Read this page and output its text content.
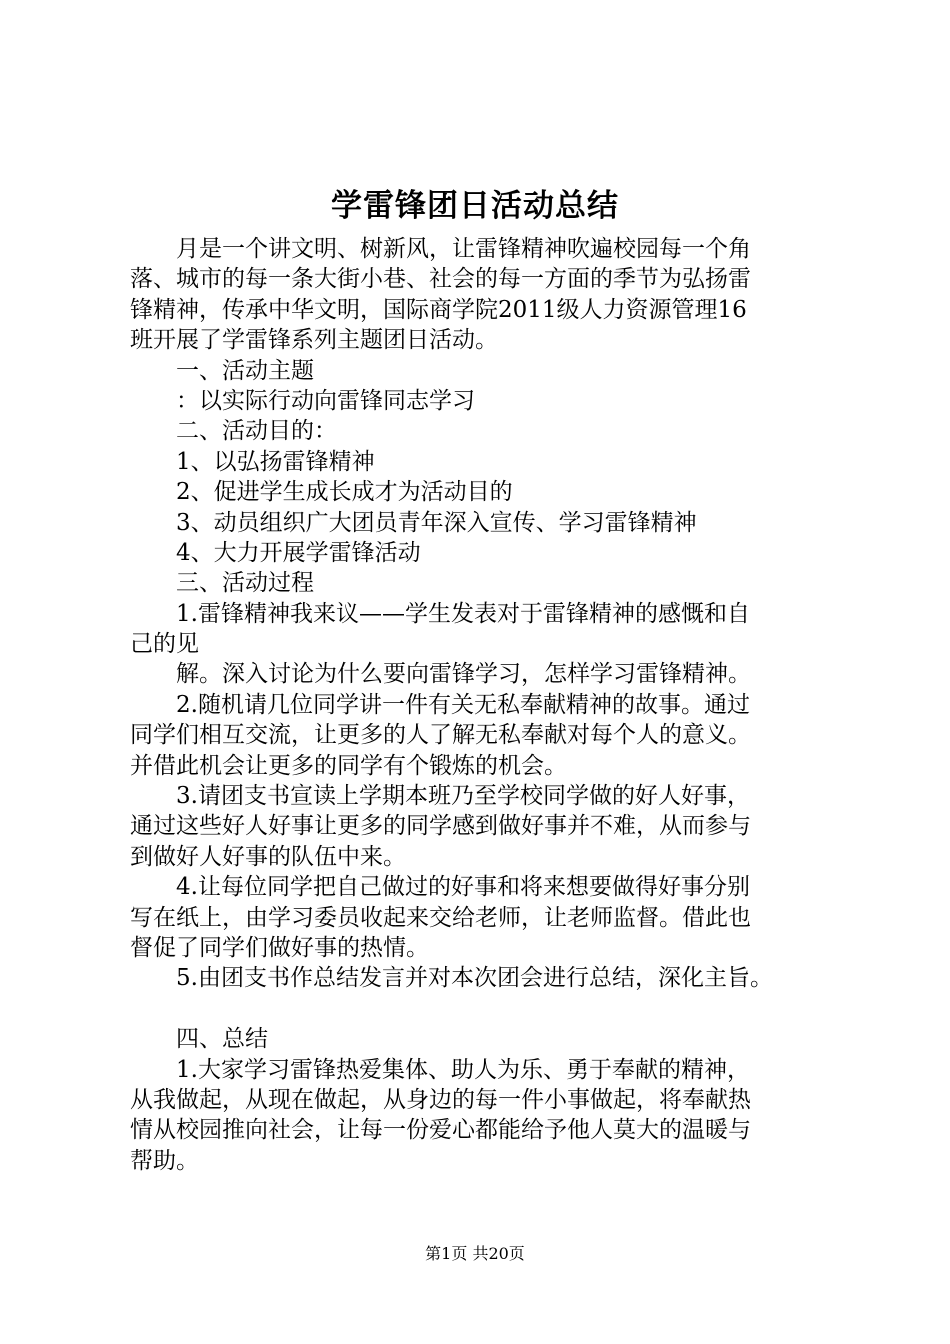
学雷锋团日活动总结
月是一个讲文明、树新风，让雷锋精神吹遍校园每一个角
落、城市的每一条大街小巷、社会的每一方面的季节为弘扬雷
锋精神，传承中华文明，国际商学院2011级人力资源管理16
班开展了学雷锋系列主题团日活动。
一、活动主题
：以实际行动向雷锋同志学习
二、活动目的：
1、以弘扬雷锋精神
2、促进学生成长成才为活动目的
3、动员组织广大团员青年深入宣传、学习雷锋精神
4、大力开展学雷锋活动
三、活动过程
1.雷锋精神我来议——学生发表对于雷锋精神的感慨和自
己的见
解。深入讨论为什么要向雷锋学习，怎样学习雷锋精神。
2.随机请几位同学讲一件有关无私奉献精神的故事。通过
同学们相互交流，让更多的人了解无私奉献对每个人的意义。
并借此机会让更多的同学有个锻炼的机会。
3.请团支书宣读上学期本班乃至学校同学做的好人好事，
通过这些好人好事让更多的同学感到做好事并不难，从而参与
到做好人好事的队伍中来。
4.让每位同学把自己做过的好事和将来想要做得好事分别
写在纸上，由学习委员收起来交给老师，让老师监督。借此也
督促了同学们做好事的热情。
5.由团支书作总结发言并对本次团会进行总结，深化主旨。
四、总结
1.大家学习雷锋热爱集体、助人为乐、勇于奉献的精神，
从我做起，从现在做起，从身边的每一件小事做起，将奉献热
情从校园推向社会，让每一份爱心都能给予他人莫大的温暖与
帮助。
第1页 共20页
